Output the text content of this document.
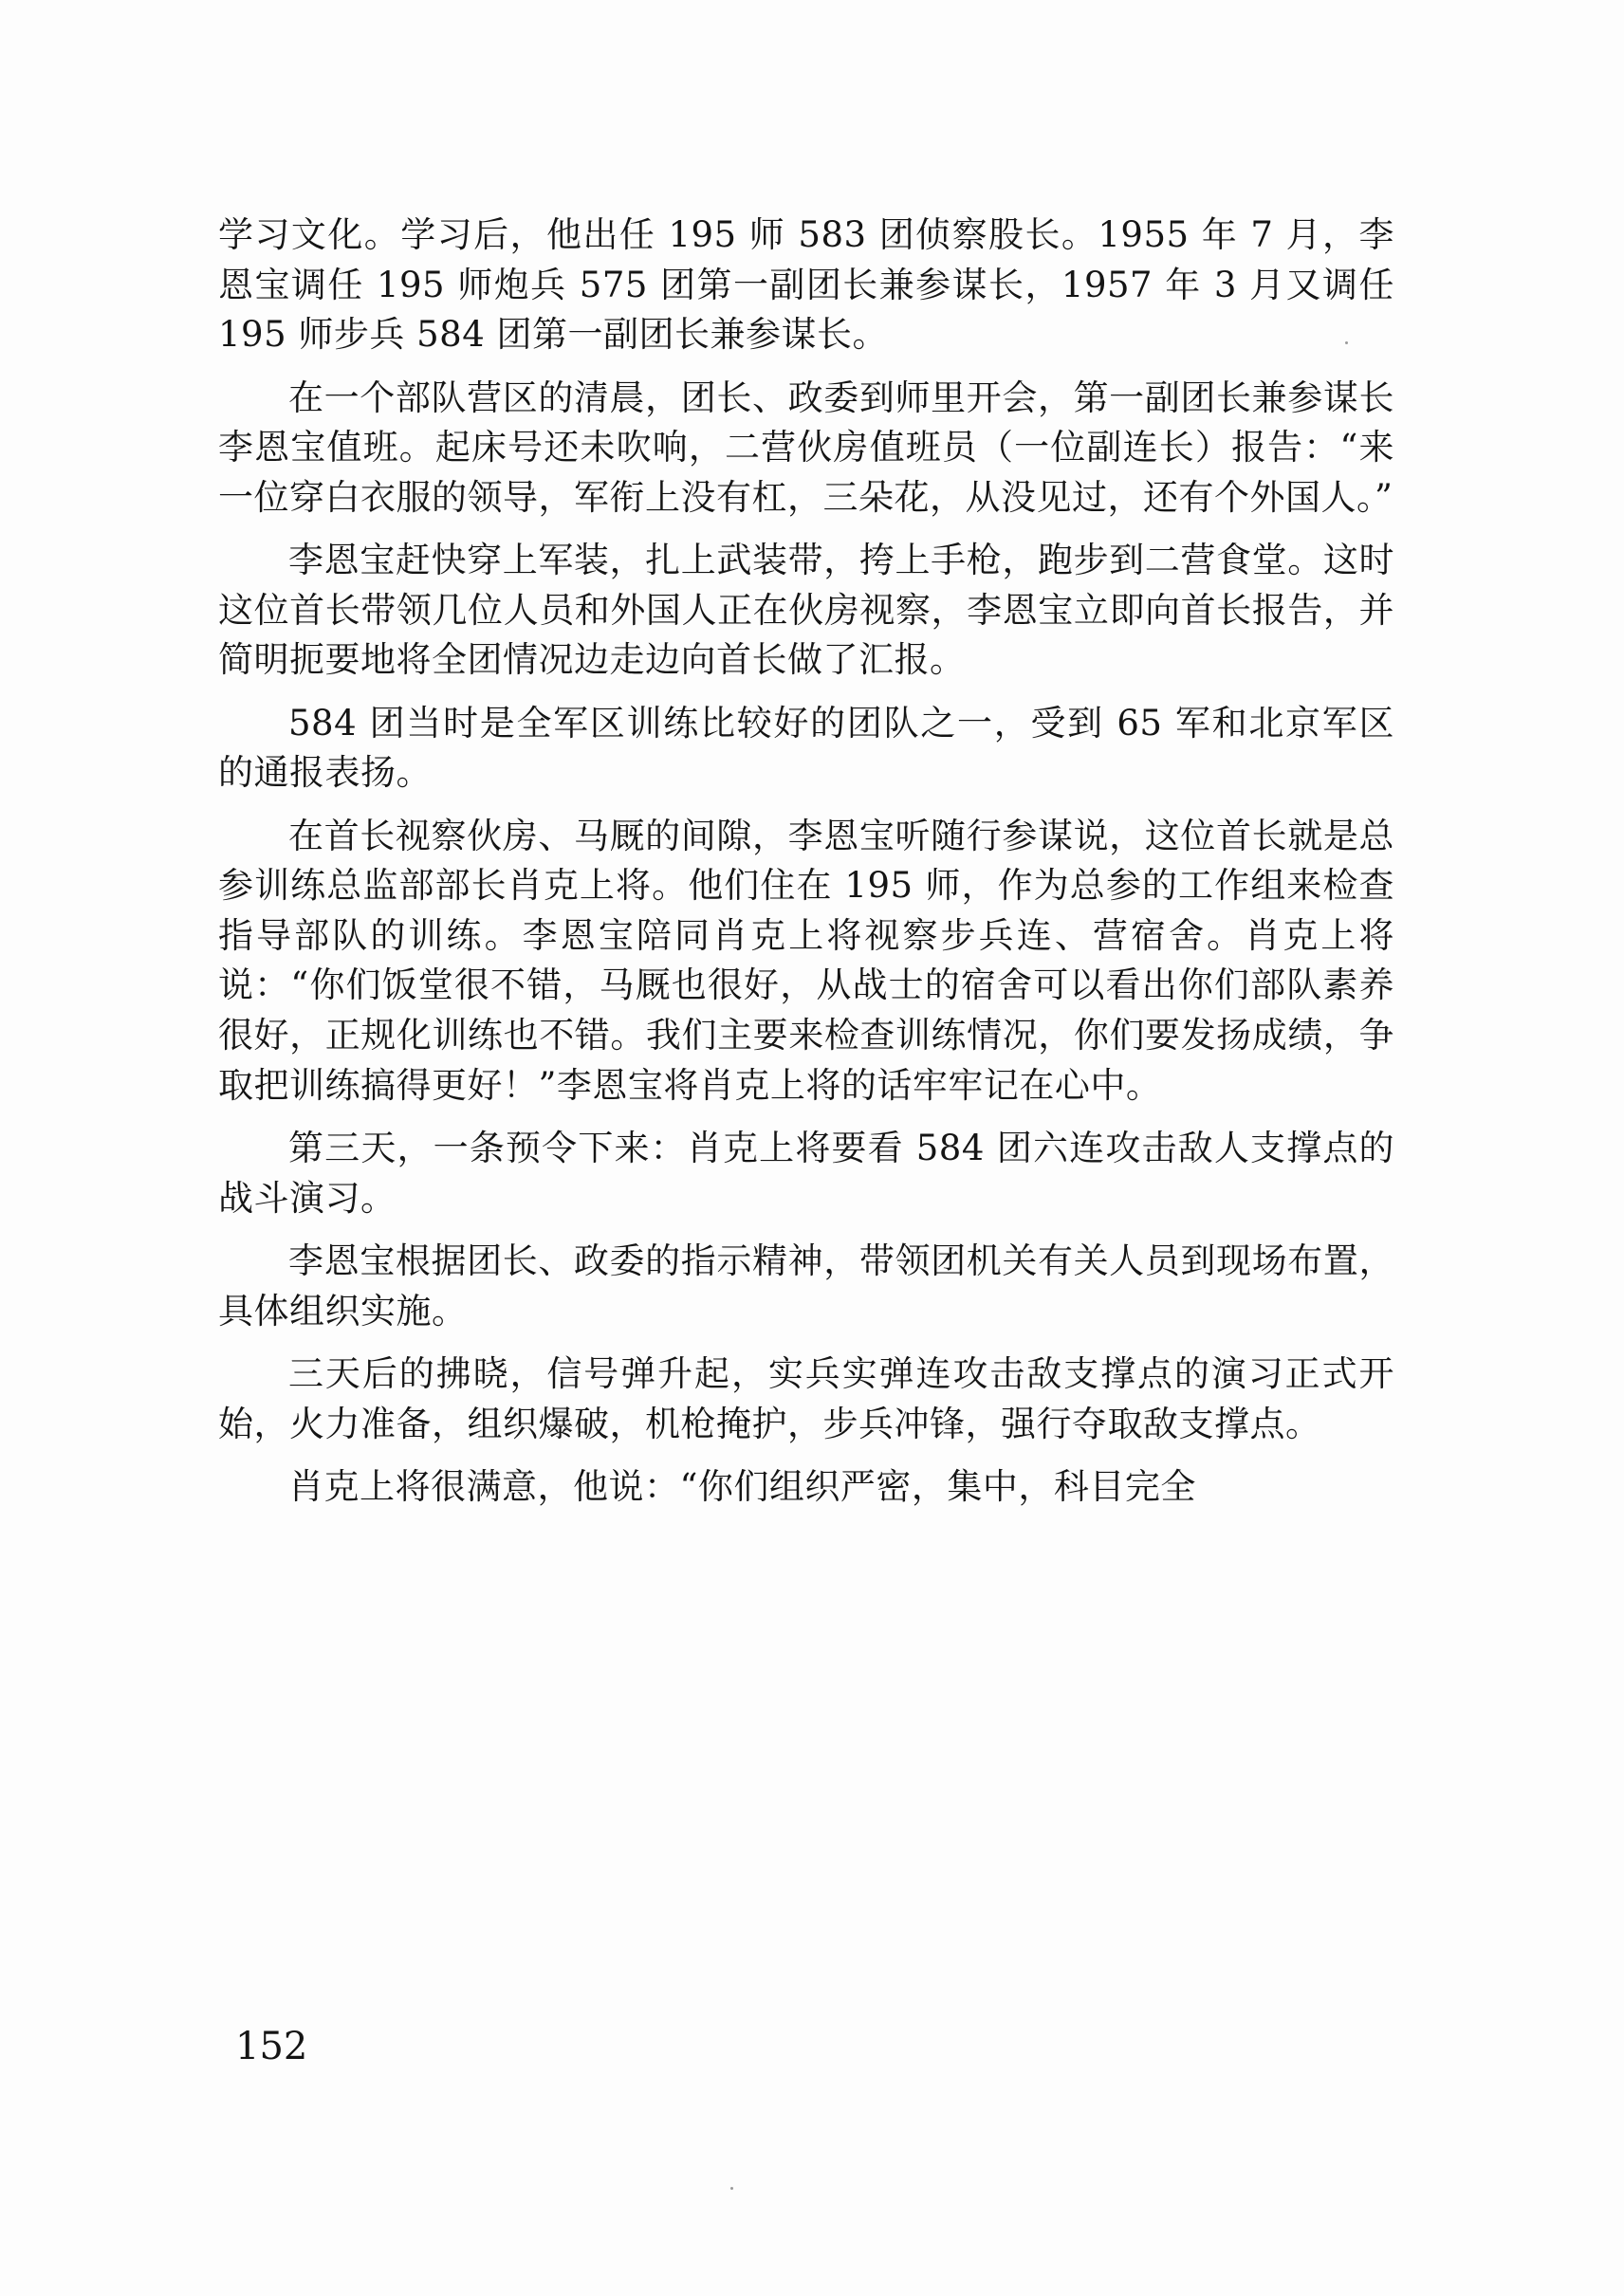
学习文化。学习后，他出任 195 师 583 团侦察股长。1955 年 7 月，李恩宝调任 195 师炮兵 575 团第一副团长兼参谋长，1957 年 3 月又调任 195 师步兵 584 团第一副团长兼参谋长。

在一个部队营区的清晨，团长、政委到师里开会，第一副团长兼参谋长李恩宝值班。起床号还未吹响，二营伙房值班员（一位副连长）报告：“来一位穿白衣服的领导，军衔上没有杠，三朵花，从没见过，还有个外国人。”

李恩宝赶快穿上军装，扎上武装带，挎上手枪，跑步到二营食堂。这时这位首长带领几位人员和外国人正在伙房视察，李恩宝立即向首长报告，并简明扼要地将全团情况边走边向首长做了汇报。

584 团当时是全军区训练比较好的团队之一，受到 65 军和北京军区的通报表扬。

在首长视察伙房、马厩的间隙，李恩宝听随行参谋说，这位首长就是总参训练总监部部长肖克上将。他们住在 195 师，作为总参的工作组来检查指导部队的训练。李恩宝陪同肖克上将视察步兵连、营宿舍。肖克上将说：“你们饭堂很不错，马厩也很好，从战士的宿舍可以看出你们部队素养很好，正规化训练也不错。我们主要来检查训练情况，你们要发扬成绩，争取把训练搞得更好！”李恩宝将肖克上将的话牢牢记在心中。

第三天，一条预令下来：肖克上将要看 584 团六连攻击敌人支撑点的战斗演习。

李恩宝根据团长、政委的指示精神，带领团机关有关人员到现场布置，具体组织实施。

三天后的拂晓，信号弹升起，实兵实弹连攻击敌支撑点的演习正式开始，火力准备，组织爆破，机枪掩护，步兵冲锋，强行夺取敌支撑点。

肖克上将很满意，他说：“你们组织严密，集中，科目完全

152
